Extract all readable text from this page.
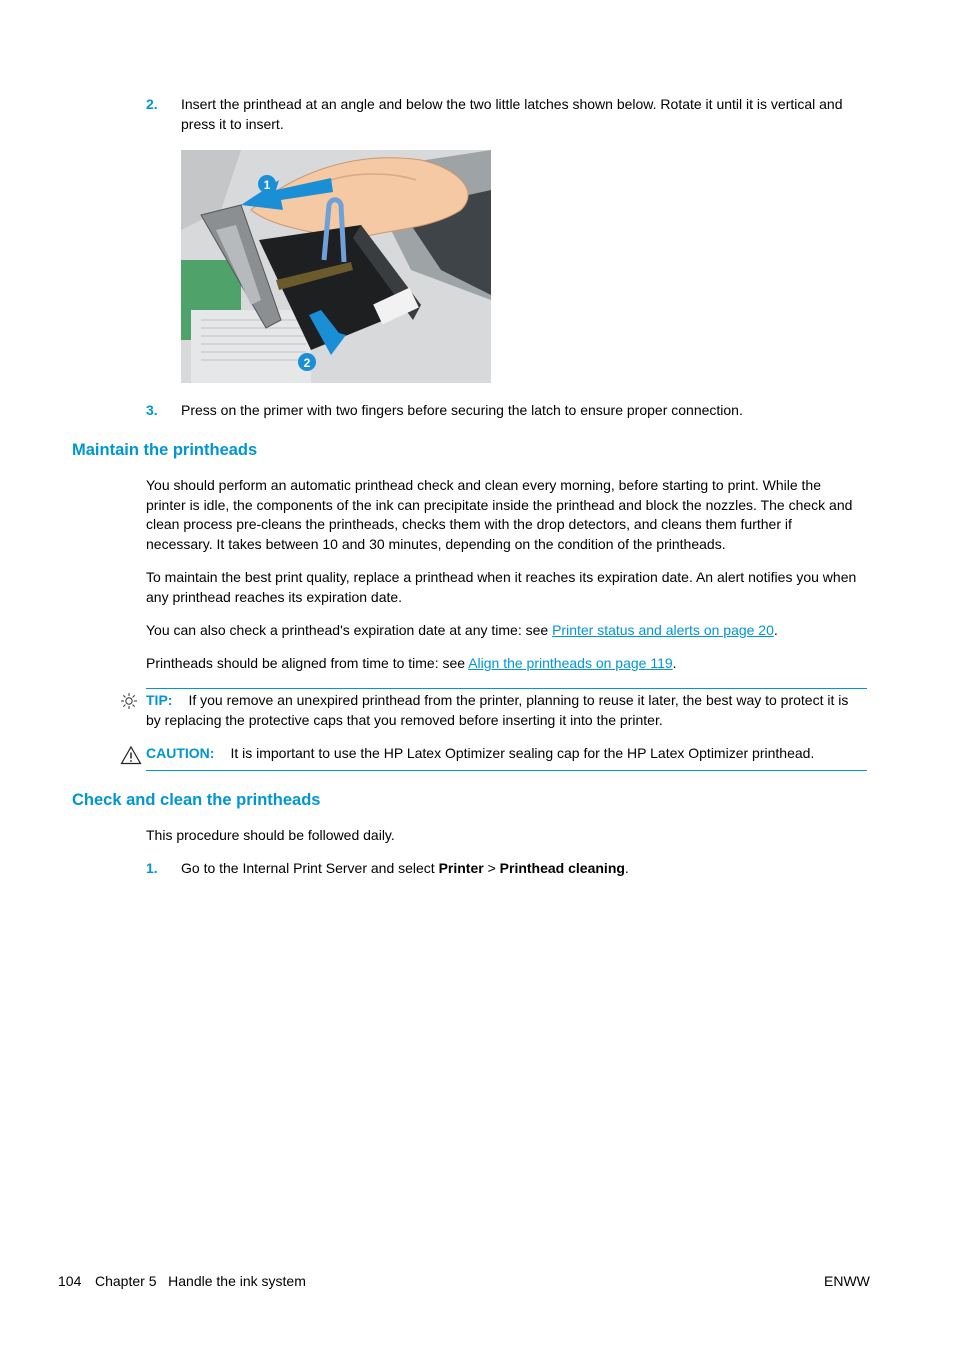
2. Insert the printhead at an angle and below the two little latches shown below. Rotate it until it is vertical and press it to insert.
1
2
3. Press on the primer with two fingers before securing the latch to ensure proper connection.
Maintain the printheads
You should perform an automatic printhead check and clean every morning, before starting to print. While the printer is idle, the components of the ink can precipitate inside the printhead and block the nozzles. The check and clean process pre-cleans the printheads, checks them with the drop detectors, and cleans them further if necessary. It takes between 10 and 30 minutes, depending on the condition of the printheads.
To maintain the best print quality, replace a printhead when it reaches its expiration date. An alert notifies you when any printhead reaches its expiration date.
You can also check a printhead's expiration date at any time: see Printer status and alerts on page 20.
Printheads should be aligned from time to time: see Align the printheads on page 119.
TIP: If you remove an unexpired printhead from the printer, planning to reuse it later, the best way to protect it is by replacing the protective caps that you removed before inserting it into the printer.
CAUTION: It is important to use the HP Latex Optimizer sealing cap for the HP Latex Optimizer printhead.
Check and clean the printheads
This procedure should be followed daily.
1. Go to the Internal Print Server and select Printer > Printhead cleaning.
104 Chapter 5   Handle the ink system	ENWW
